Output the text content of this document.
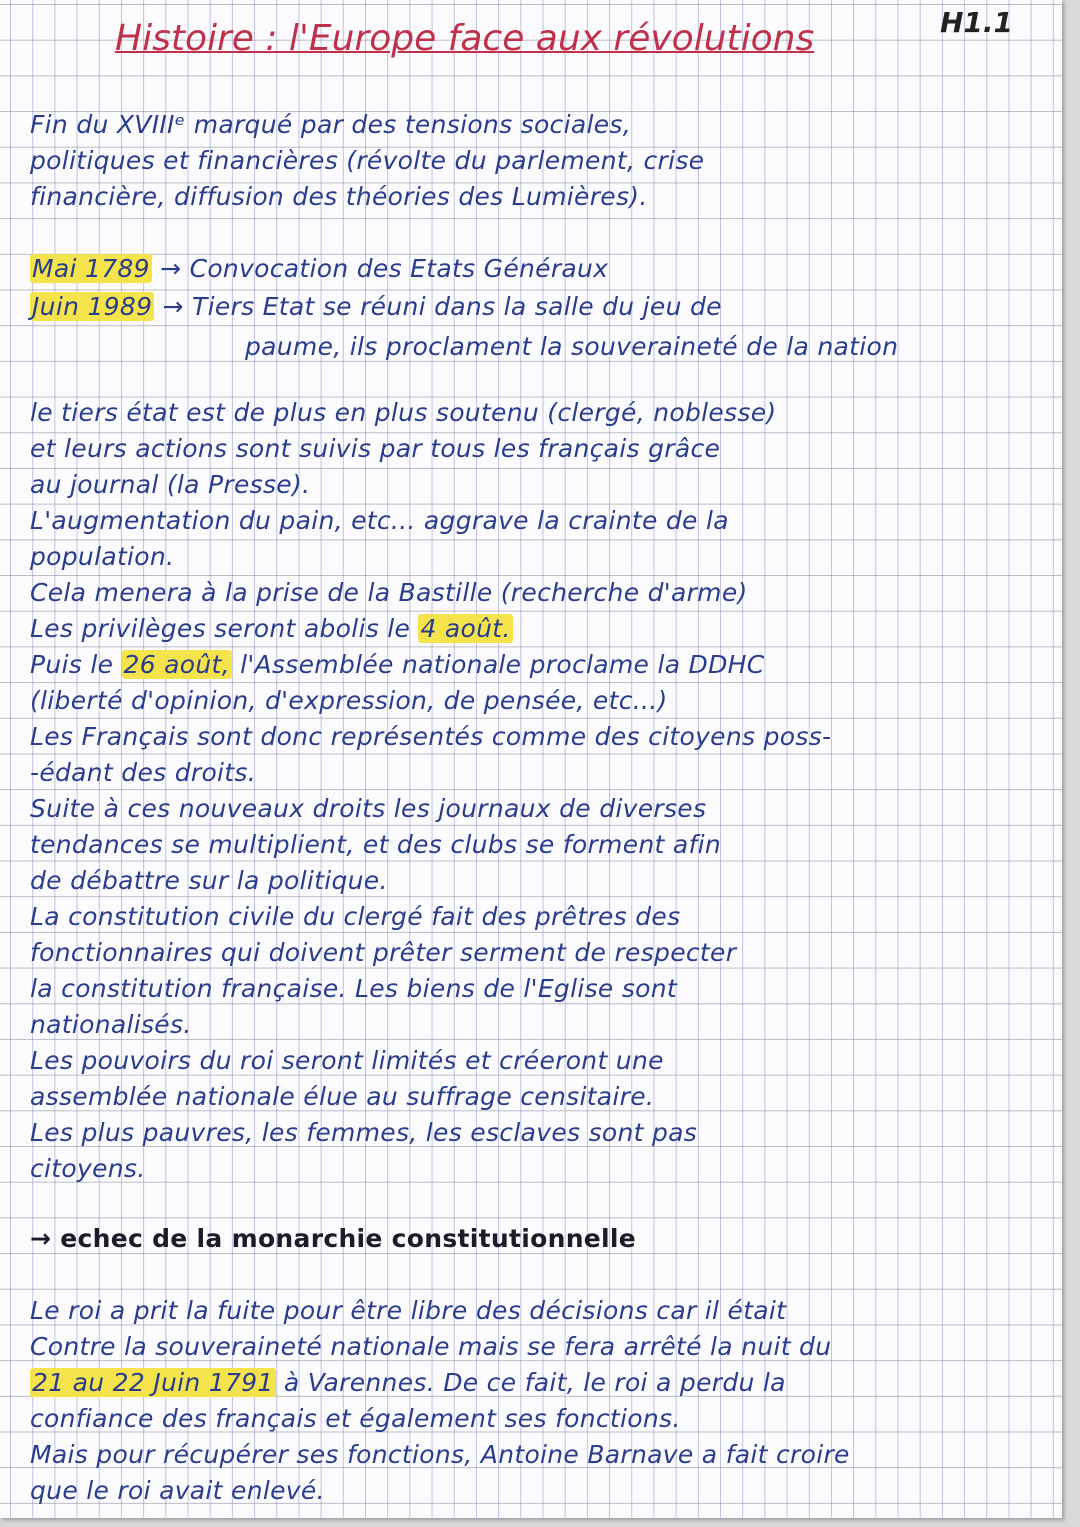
H1.1
Histoire : l'Europe face aux révolutions
Fin du XVIIIᵉ marqué par des tensions sociales,
politiques et financières (révolte du parlement, crise
financière, diffusion des théories des Lumières).
Mai 1789 → Convocation des Etats Généraux
Juin 1989 → Tiers Etat se réuni dans la salle du jeu de
paume, ils proclament la souveraineté de la nation
le tiers état est de plus en plus soutenu (clergé, noblesse)
et leurs actions sont suivis par tous les français grâce
au journal (la Presse).
L'augmentation du pain, etc... aggrave la crainte de la
population.
Cela menera à la prise de la Bastille (recherche d'arme)
Les privilèges seront abolis le 4 août.
Puis le 26 août, l'Assemblée nationale proclame la DDHC
(liberté d'opinion, d'expression, de pensée, etc...)
Les Français sont donc représentés comme des citoyens poss-
-édant des droits.
Suite à ces nouveaux droits les journaux de diverses
tendances se multiplient, et des clubs se forment afin
de débattre sur la politique.
La constitution civile du clergé fait des prêtres des
fonctionnaires qui doivent prêter serment de respecter
la constitution française. Les biens de l'Eglise sont
nationalisés.
Les pouvoirs du roi seront limités et créeront une
assemblée nationale élue au suffrage censitaire.
Les plus pauvres, les femmes, les esclaves sont pas
citoyens.
→ echec de la monarchie constitutionnelle
Le roi a prit la fuite pour être libre des décisions car il était
Contre la souveraineté nationale mais se fera arrêté la nuit du
21 au 22 Juin 1791 à Varennes. De ce fait, le roi a perdu la
confiance des français et également ses fonctions.
Mais pour récupérer ses fonctions, Antoine Barnave a fait croire
que le roi avait enlevé.
